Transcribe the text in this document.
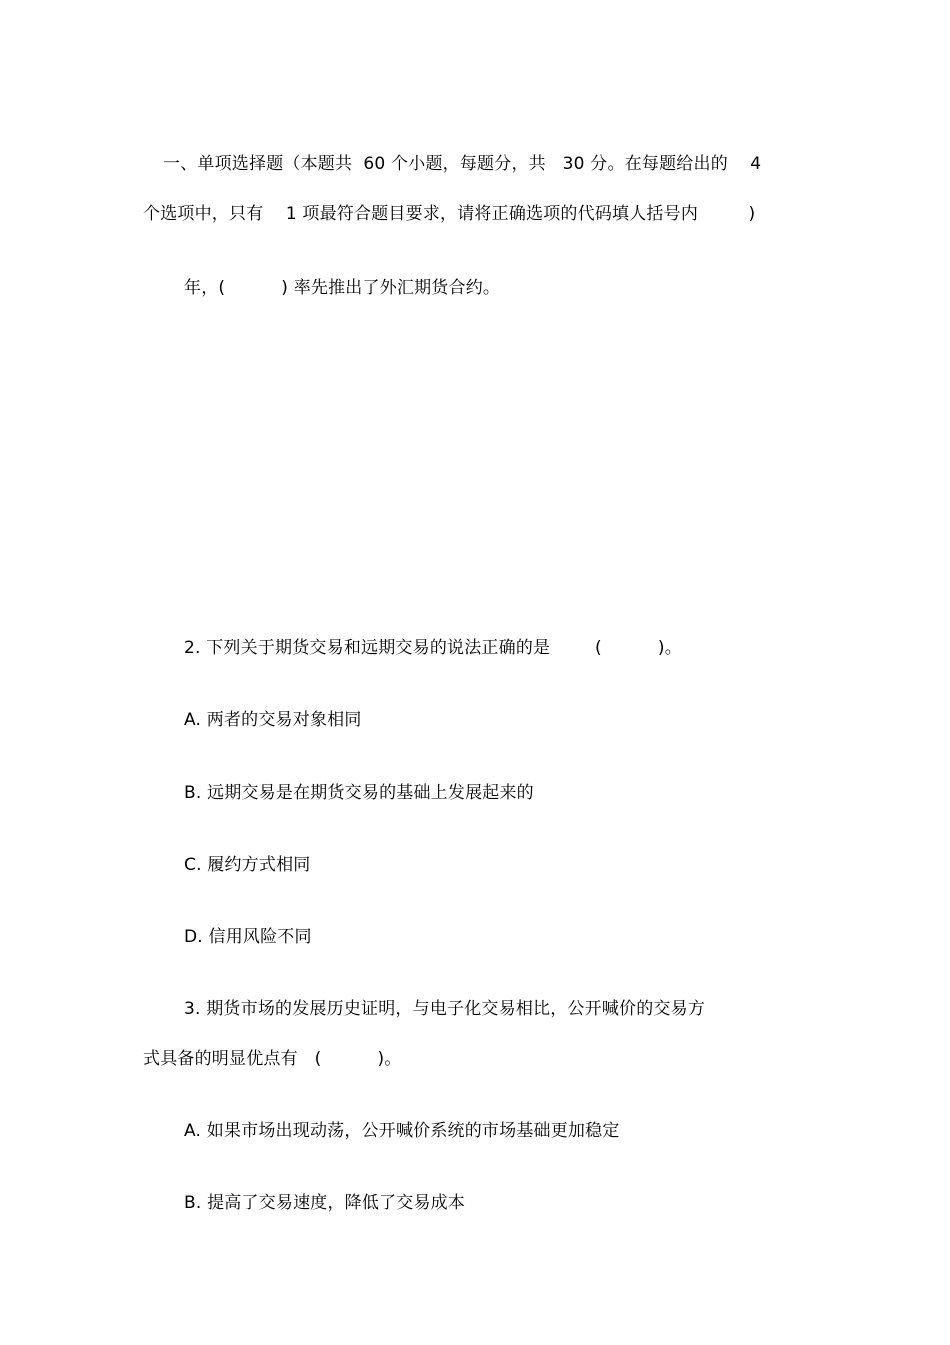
一、单项选择题（本题共  60 个小题，每题分，共   30 分。在每题给出的    4
个选项中，只有    1 项最符合题目要求，请将正确选项的代码填人括号内         )
年，(          ) 率先推出了外汇期货合约。
2. 下列关于期货交易和远期交易的说法正确的是        (          )。
A. 两者的交易对象相同
B. 远期交易是在期货交易的基础上发展起来的
C. 履约方式相同
D. 信用风险不同
3. 期货市场的发展历史证明，与电子化交易相比，公开喊价的交易方
式具备的明显优点有   (          )。
A. 如果市场出现动荡，公开喊价系统的市场基础更加稳定
B. 提高了交易速度，降低了交易成本
